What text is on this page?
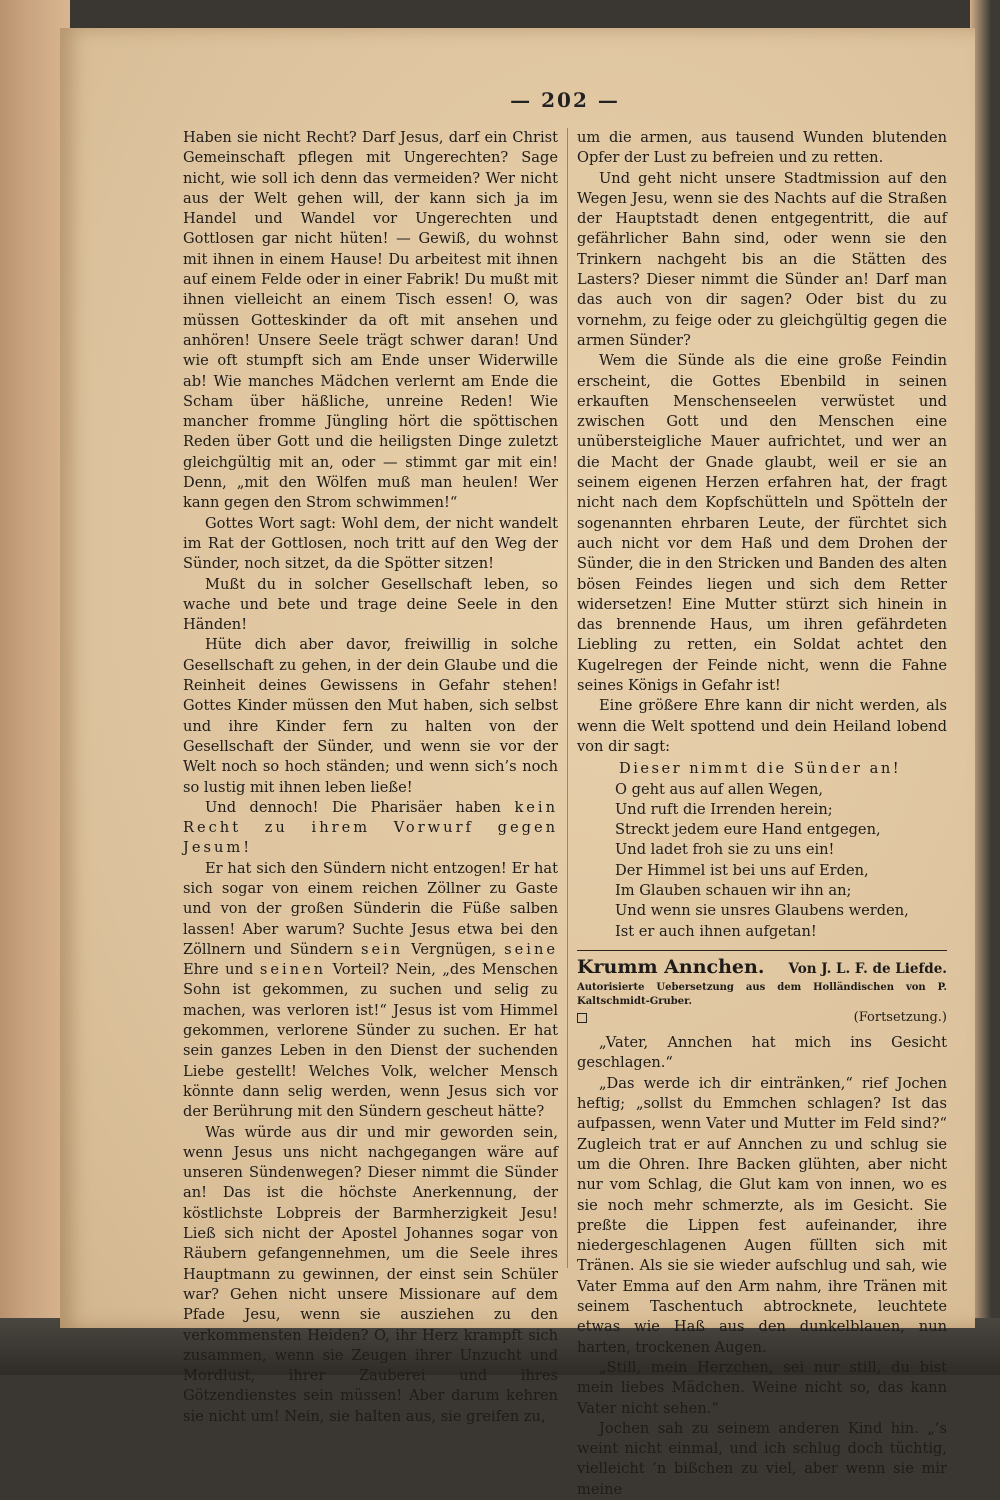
— 202 —

Haben sie nicht Recht? Darf Jesus, darf ein Christ Gemeinschaft pflegen mit Ungerechten? Sage nicht, wie soll ich denn das vermeiden? Wer nicht aus der Welt gehen will, der kann sich ja im Handel und Wandel vor Ungerechten und Gottlosen gar nicht hüten! — Gewiß, du wohnst mit ihnen in einem Hause! Du arbeitest mit ihnen auf einem Felde oder in einer Fabrik! Du mußt mit ihnen vielleicht an einem Tisch essen! O, was müssen Gotteskinder da oft mit ansehen und anhören! Unsere Seele trägt schwer daran! Und wie oft stumpft sich am Ende unser Widerwille ab! Wie manches Mädchen verlernt am Ende die Scham über häßliche, unreine Reden! Wie mancher fromme Jüngling hört die spöttischen Reden über Gott und die heiligsten Dinge zuletzt gleichgültig mit an, oder — stimmt gar mit ein! Denn, „mit den Wölfen muß man heulen! Wer kann gegen den Strom schwimmen!“

Gottes Wort sagt: Wohl dem, der nicht wandelt im Rat der Gottlosen, noch tritt auf den Weg der Sünder, noch sitzet, da die Spötter sitzen!

Mußt du in solcher Gesellschaft leben, so wache und bete und trage deine Seele in den Händen!

Hüte dich aber davor, freiwillig in solche Gesellschaft zu gehen, in der dein Glaube und die Reinheit deines Gewissens in Gefahr stehen! Gottes Kinder müssen den Mut haben, sich selbst und ihre Kinder fern zu halten von der Gesellschaft der Sünder, und wenn sie vor der Welt noch so hoch ständen; und wenn sich’s noch so lustig mit ihnen leben ließe!

Und dennoch! Die Pharisäer haben kein Recht zu ihrem Vorwurf gegen Jesum!

Er hat sich den Sündern nicht entzogen! Er hat sich sogar von einem reichen Zöllner zu Gaste und von der großen Sünderin die Füße salben lassen! Aber warum? Suchte Jesus etwa bei den Zöllnern und Sündern sein Vergnügen, seine Ehre und seinen Vorteil? Nein, „des Menschen Sohn ist gekommen, zu suchen und selig zu machen, was verloren ist!“ Jesus ist vom Himmel gekommen, verlorene Sünder zu suchen. Er hat sein ganzes Leben in den Dienst der suchenden Liebe gestellt! Welches Volk, welcher Mensch könnte dann selig werden, wenn Jesus sich vor der Berührung mit den Sündern gescheut hätte?

Was würde aus dir und mir geworden sein, wenn Jesus uns nicht nachgegangen wäre auf unseren Sündenwegen? Dieser nimmt die Sünder an! Das ist die höchste Anerkennung, der köstlichste Lobpreis der Barmherzigkeit Jesu! Ließ sich nicht der Apostel Johannes sogar von Räubern gefangennehmen, um die Seele ihres Hauptmann zu gewinnen, der einst sein Schüler war? Gehen nicht unsere Missionare auf dem Pfade Jesu, wenn sie ausziehen zu den verkommensten Heiden? O, ihr Herz krampft sich zusammen, wenn sie Zeugen ihrer Unzucht und Mordlust, ihrer Zauberei und ihres Götzendienstes sein müssen! Aber darum kehren sie nicht um! Nein, sie halten aus, sie greifen zu,

um die armen, aus tausend Wunden blutenden Opfer der Lust zu befreien und zu retten.

Und geht nicht unsere Stadtmission auf den Wegen Jesu, wenn sie des Nachts auf die Straßen der Hauptstadt denen entgegentritt, die auf gefährlicher Bahn sind, oder wenn sie den Trinkern nachgeht bis an die Stätten des Lasters? Dieser nimmt die Sünder an! Darf man das auch von dir sagen? Oder bist du zu vornehm, zu feige oder zu gleichgültig gegen die armen Sünder?

Wem die Sünde als die eine große Feindin erscheint, die Gottes Ebenbild in seinen erkauften Menschenseelen verwüstet und zwischen Gott und den Menschen eine unübersteigliche Mauer aufrichtet, und wer an die Macht der Gnade glaubt, weil er sie an seinem eigenen Herzen erfahren hat, der fragt nicht nach dem Kopfschütteln und Spötteln der sogenannten ehrbaren Leute, der fürchtet sich auch nicht vor dem Haß und dem Drohen der Sünder, die in den Stricken und Banden des alten bösen Feindes liegen und sich dem Retter widersetzen! Eine Mutter stürzt sich hinein in das brennende Haus, um ihren gefährdeten Liebling zu retten, ein Soldat achtet den Kugelregen der Feinde nicht, wenn die Fahne seines Königs in Gefahr ist!

Eine größere Ehre kann dir nicht werden, als wenn die Welt spottend und dein Heiland lobend von dir sagt:

Dieser nimmt die Sünder an!

O geht aus auf allen Wegen,

Und ruft die Irrenden herein;

Streckt jedem eure Hand entgegen,

Und ladet froh sie zu uns ein!

Der Himmel ist bei uns auf Erden,

Im Glauben schauen wir ihn an;

Und wenn sie unsres Glaubens werden,

Ist er auch ihnen aufgetan!

Krumm Annchen. Von J. L. F. de Liefde.
Autorisierte Uebersetzung aus dem Holländischen von P. Kaltschmidt-Gruber.
(Fortsetzung.)

„Vater, Annchen hat mich ins Gesicht geschlagen.“

„Das werde ich dir eintränken,“ rief Jochen heftig; „sollst du Emmchen schlagen? Ist das aufpassen, wenn Vater und Mutter im Feld sind?“ Zugleich trat er auf Annchen zu und schlug sie um die Ohren. Ihre Backen glühten, aber nicht nur vom Schlag, die Glut kam von innen, wo es sie noch mehr schmerzte, als im Gesicht. Sie preßte die Lippen fest aufeinander, ihre niedergeschlagenen Augen füllten sich mit Tränen. Als sie sie wieder aufschlug und sah, wie Vater Emma auf den Arm nahm, ihre Tränen mit seinem Taschentuch abtrocknete, leuchtete etwas wie Haß aus den dunkelblauen, nun harten, trockenen Augen.

„Still, mein Herzchen, sei nur still, du bist mein liebes Mädchen. Weine nicht so, das kann Vater nicht sehen.“

Jochen sah zu seinem anderen Kind hin. „’s weint nicht einmal, und ich schlug doch tüchtig, vielleicht ’n bißchen zu viel, aber wenn sie mir meine
